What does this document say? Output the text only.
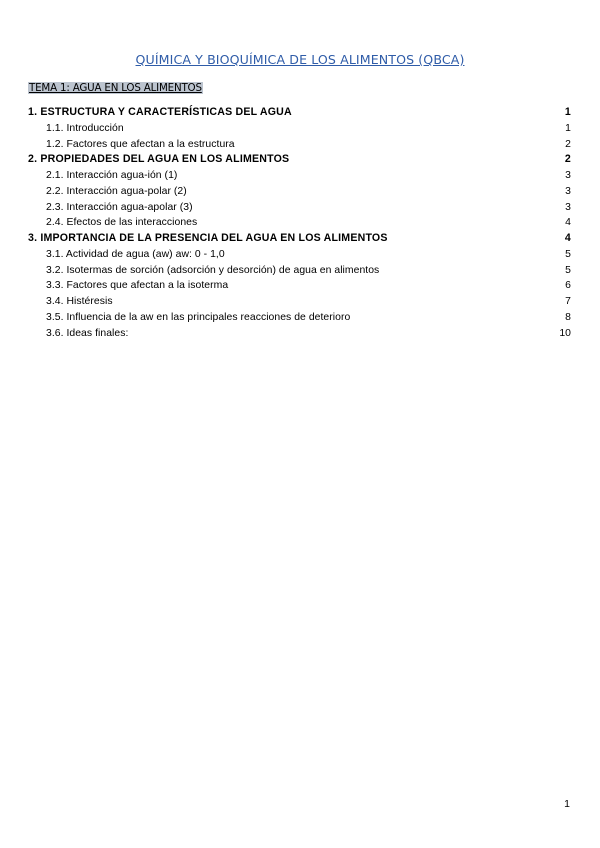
QUÍMICA Y BIOQUÍMICA DE LOS ALIMENTOS (QBCA)
TEMA 1: AGUA EN LOS ALIMENTOS
1. ESTRUCTURA Y CARACTERÍSTICAS DEL AGUA	1
1.1. Introducción	1
1.2. Factores que afectan a la estructura	2
2. PROPIEDADES DEL AGUA EN LOS ALIMENTOS	2
2.1. Interacción agua-ión (1)	3
2.2. Interacción agua-polar (2)	3
2.3. Interacción agua-apolar (3)	3
2.4. Efectos de las interacciones	4
3. IMPORTANCIA DE LA PRESENCIA DEL AGUA EN LOS ALIMENTOS	4
3.1. Actividad de agua (aw) aw: 0 - 1,0	5
3.2. Isotermas de sorción (adsorción y desorción) de agua en alimentos	5
3.3. Factores que afectan a la isoterma	6
3.4. Histéresis	7
3.5. Influencia de la aw en las principales reacciones de deterioro	8
3.6. Ideas finales:	10
1
